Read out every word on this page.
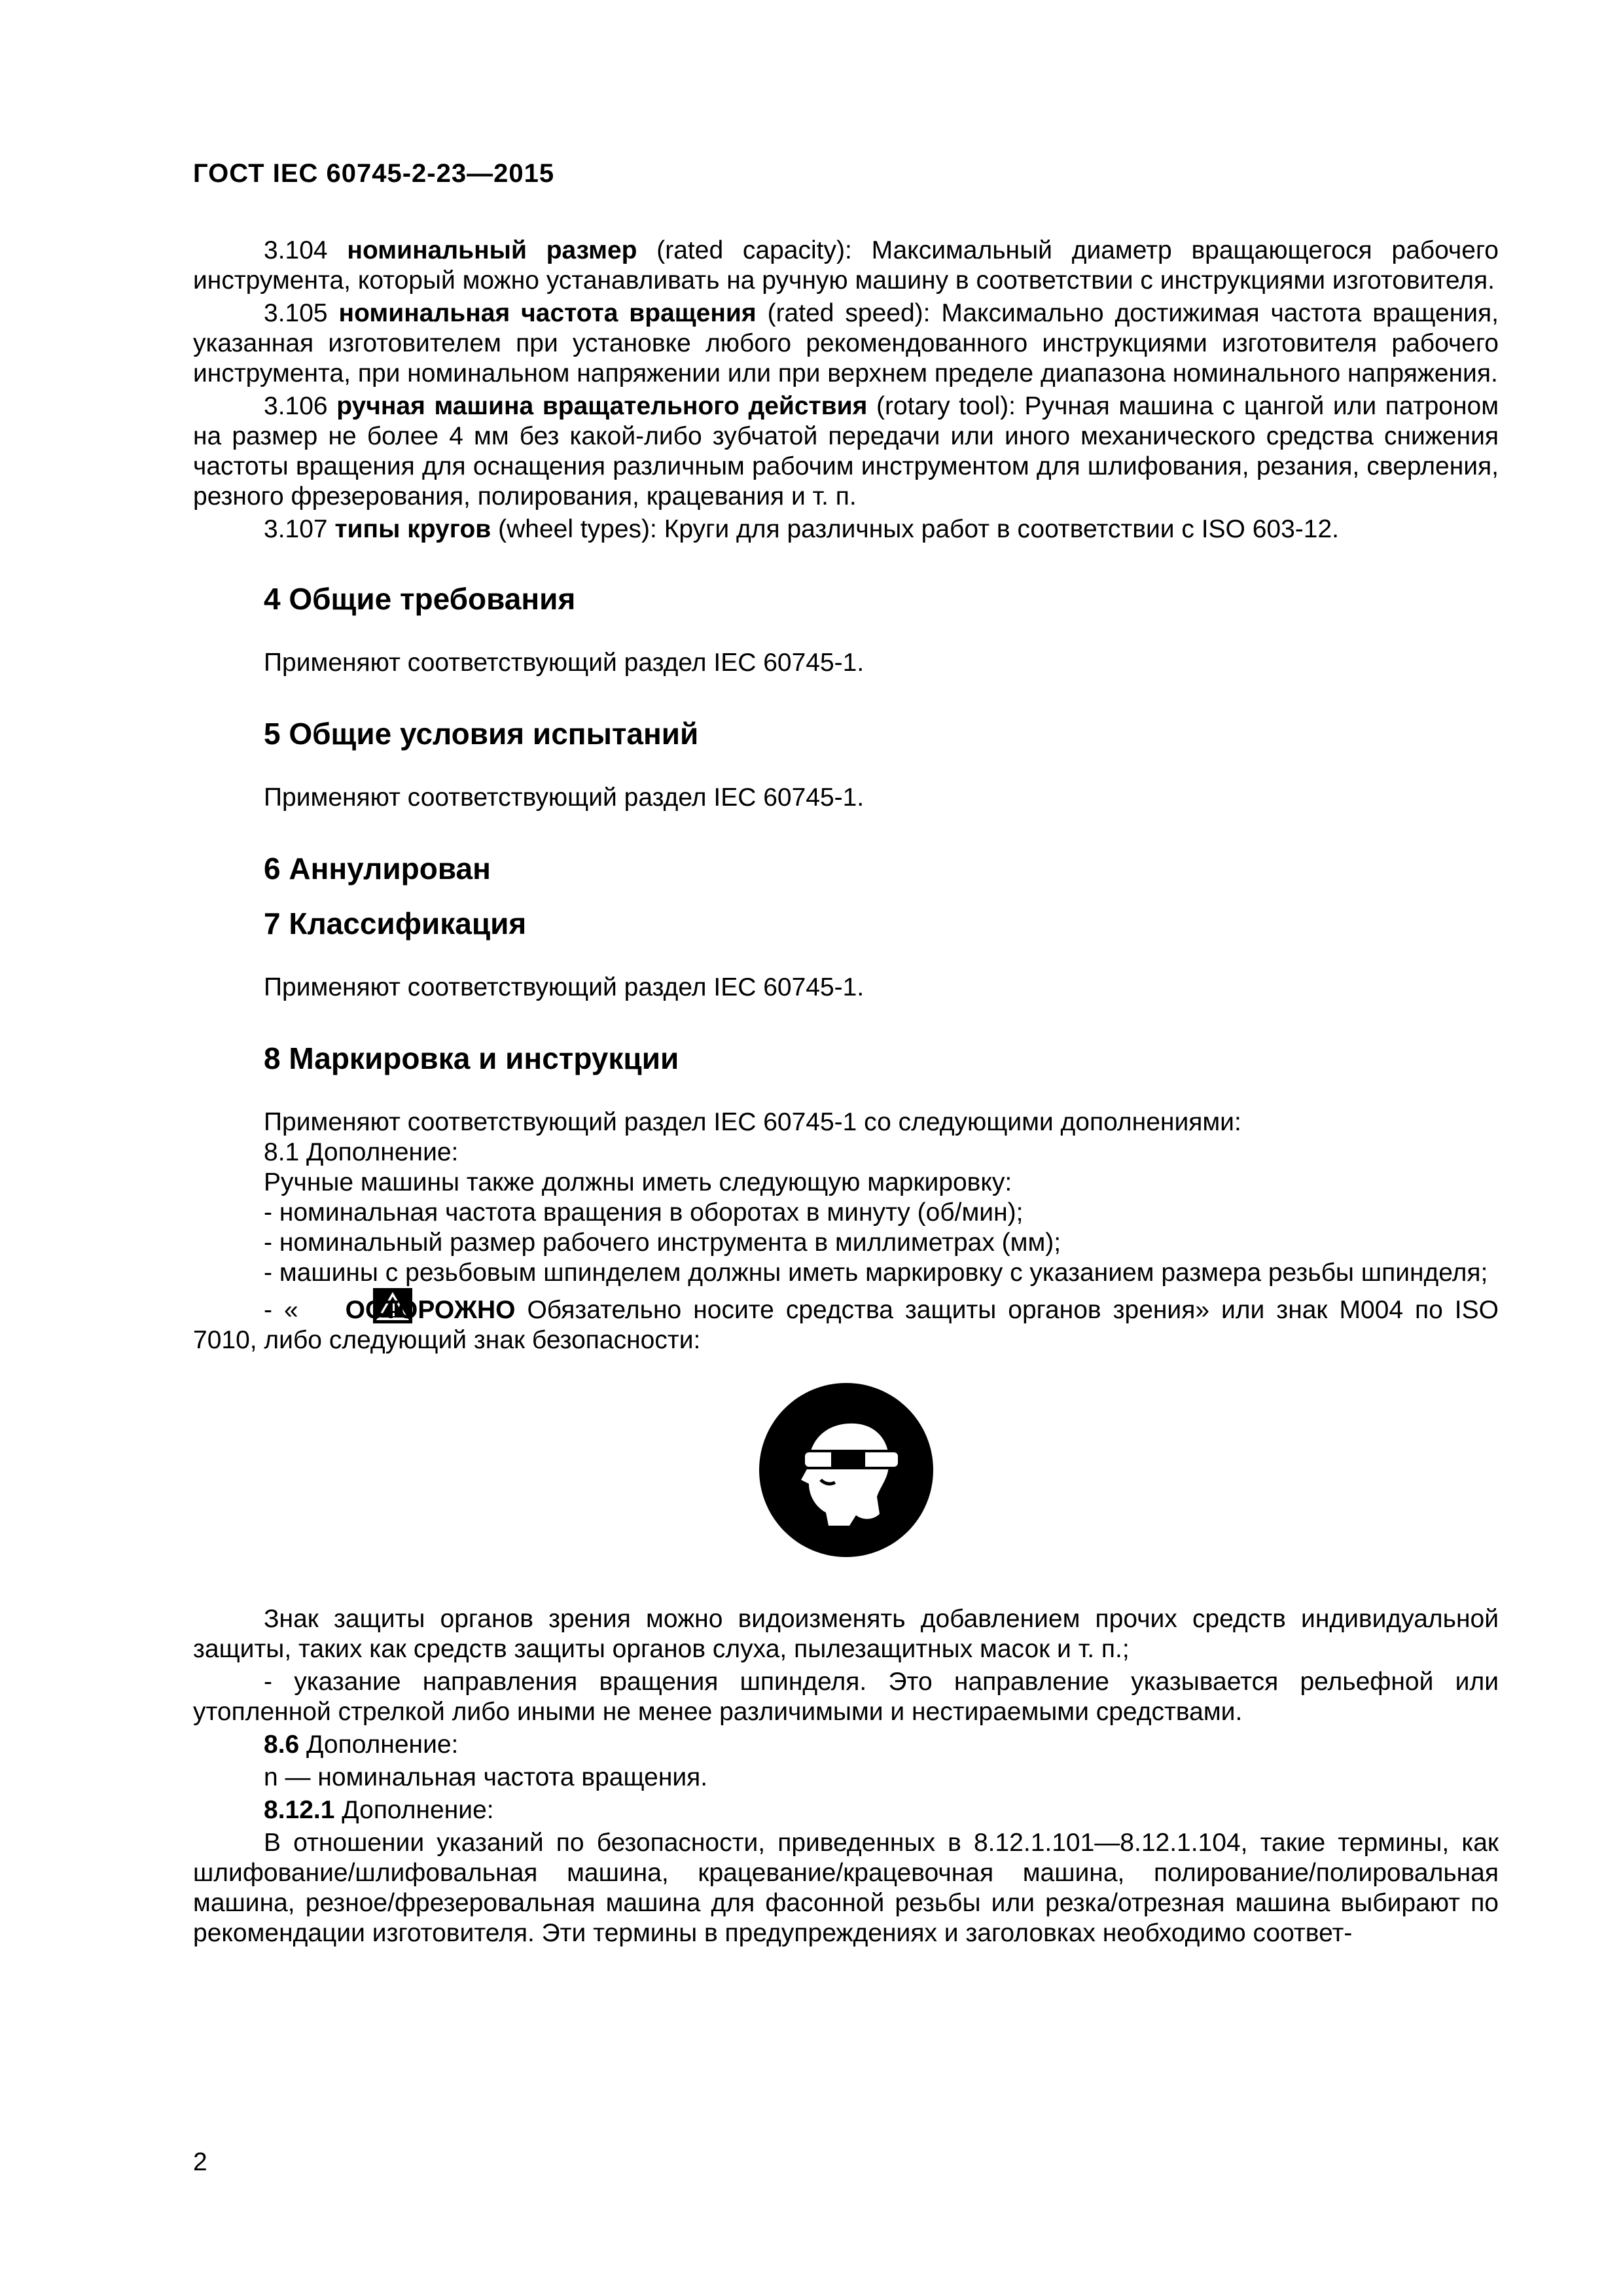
ГОСТ IEC 60745-2-23—2015

3.104 номинальный размер (rated capacity): Максимальный диаметр вращающегося рабочего инструмента, который можно устанавливать на ручную машину в соответствии с инструкциями изготовителя.

3.105 номинальная частота вращения (rated speed): Максимально достижимая частота вращения, указанная изготовителем при установке любого рекомендованного инструкциями изготовителя рабочего инструмента, при номинальном напряжении или при верхнем пределе диапазона номинального напряжения.

3.106 ручная машина вращательного действия (rotary tool): Ручная машина с цангой или патроном на размер не более 4 мм без какой-либо зубчатой передачи или иного механического средства снижения частоты вращения для оснащения различным рабочим инструментом для шлифования, резания, сверления, резного фрезерования, полирования, крацевания и т. п.

3.107 типы кругов (wheel types): Круги для различных работ в соответствии с ISO 603-12.

4 Общие требования

Применяют соответствующий раздел IEC 60745-1.

5 Общие условия испытаний

Применяют соответствующий раздел IEC 60745-1.

6 Аннулирован
7 Классификация

Применяют соответствующий раздел IEC 60745-1.

8 Маркировка и инструкции

Применяют соответствующий раздел IEC 60745-1 со следующими дополнениями:

8.1 Дополнение:

Ручные машины также должны иметь следующую маркировку:

- номинальная частота вращения в оборотах в минуту (об/мин);

- номинальный размер рабочего инструмента в миллиметрах (мм);

- машины с резьбовым шпинделем должны иметь маркировку с указанием размера резьбы шпинделя;

- « ОСТОРОЖНО Обязательно носите средства защиты органов зрения» или знак M004 по ISO 7010, либо следующий знак безопасности:

Знак защиты органов зрения можно видоизменять добавлением прочих средств индивидуальной защиты, таких как средств защиты органов слуха, пылезащитных масок и т. п.;

- указание направления вращения шпинделя. Это направление указывается рельефной или утопленной стрелкой либо иными не менее различимыми и нестираемыми средствами.

8.6 Дополнение:

n — номинальная частота вращения.

8.12.1 Дополнение:

В отношении указаний по безопасности, приведенных в 8.12.1.101—8.12.1.104, такие термины, как шлифование/шлифовальная машина, крацевание/крацевочная машина, полирование/полировальная машина, резное/фрезеровальная машина для фасонной резьбы или резка/отрезная машина выбирают по рекомендации изготовителя. Эти термины в предупреждениях и заголовках необходимо соответ-

2
